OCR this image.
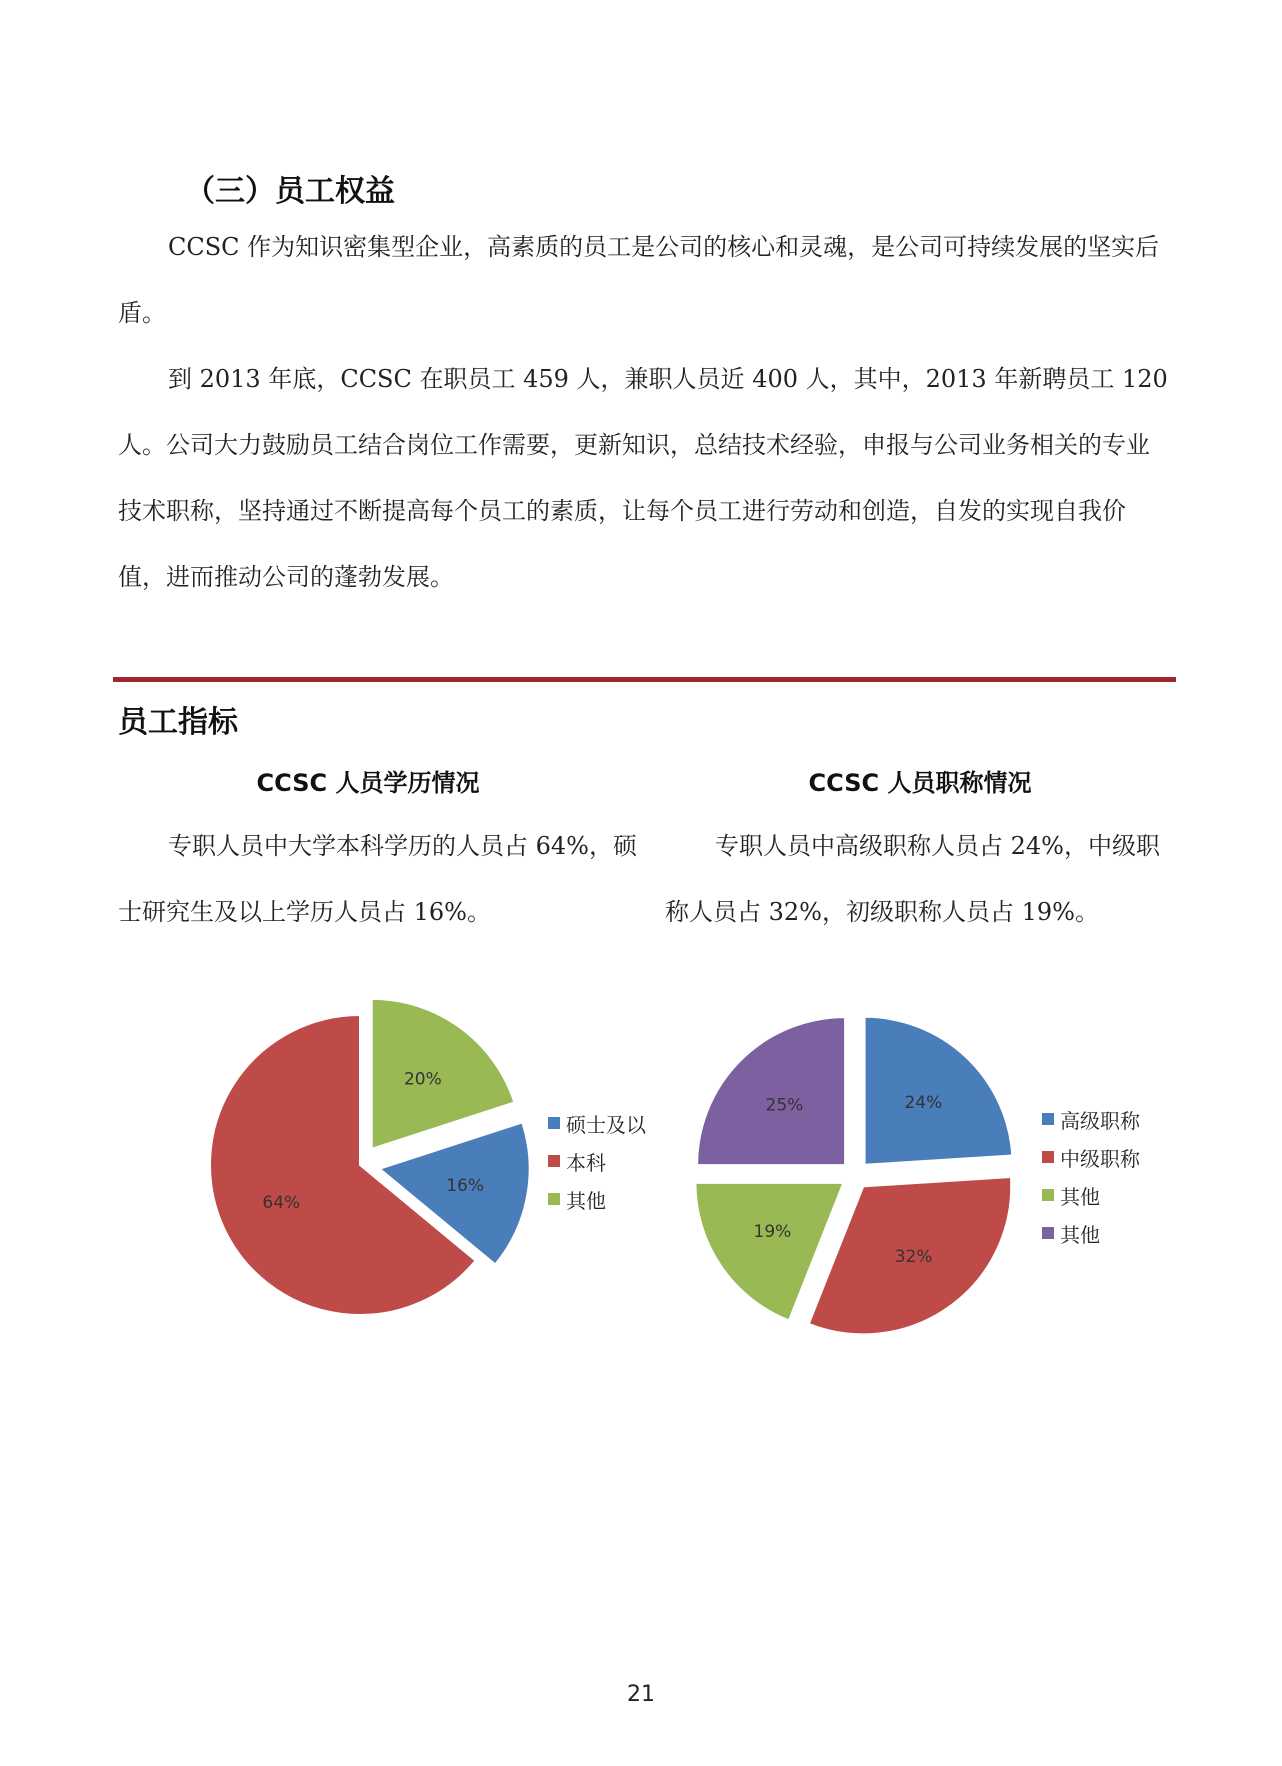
（三）员工权益

CCSC 作为知识密集型企业，高素质的员工是公司的核心和灵魂，是公司可持续发展的坚实后盾。

到 2013 年底，CCSC 在职员工 459 人，兼职人员近 400 人，其中，2013 年新聘员工 120 人。公司大力鼓励员工结合岗位工作需要，更新知识，总结技术经验，申报与公司业务相关的专业技术职称，坚持通过不断提高每个员工的素质，让每个员工进行劳动和创造，自发的实现自我价值，进而推动公司的蓬勃发展。

员工指标
CCSC 人员学历情况

专职人员中大学本科学历的人员占 64%，硕士研究生及以上学历人员占 16%。

CCSC 人员职称情况

专职人员中高级职称人员占 24%，中级职称人员占 32%，初级职称人员占 19%。

16%
64%
20%
硕士及以
本科
其他
24%
32%
19%
25%
高级职称
中级职称
其他
其他
21
